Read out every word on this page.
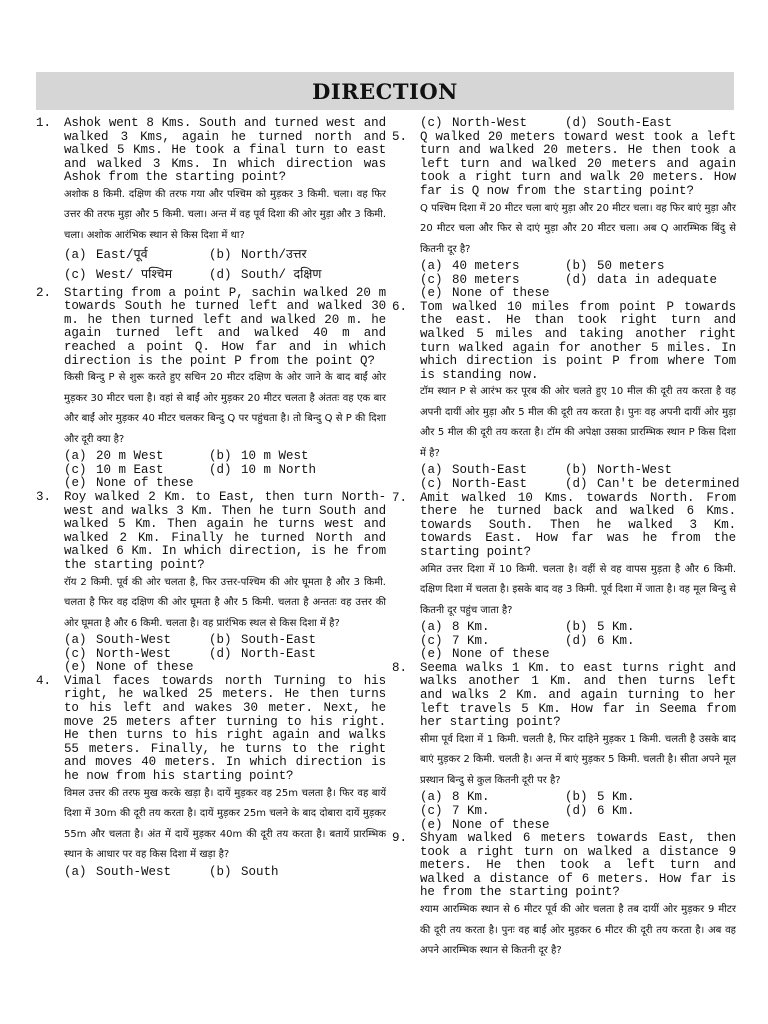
DIRECTION
1. Ashok went 8 Kms. South and turned west and walked 3 Kms, again he turned north and walked 5 Kms. He took a final turn to east and walked 3 Kms. In which direction was Ashok from the starting point?

अशोक 8 किमी. दक्षिण की तरफ गया और पश्चिम को मुड़कर 3 किमी. चला। वह फिर उत्तर की तरफ मुड़ा और 5 किमी. चला। अन्त में वह पूर्व दिशा की ओर मुड़ा और 3 किमी. चला। अशोक आरंभिक स्थान से किस दिशा में था?

(a) East/पूर्व	(b) North/उत्तर
(c) West/ पश्चिम	(d) South/ दक्षिण
2. Starting from a point P, sachin walked 20 m towards South he turned left and walked 30 m. he then turned left and walked 20 m. he again turned left and walked 40 m and reached a point Q. How far and in which direction is the point P from the point Q?

किसी बिन्दु P से शुरू करते हुए सचिन 20 मीटर दक्षिण के ओर जाने के बाद बाईं ओर मुड़कर 30 मीटर चला है। वहां से बाईं ओर मुड़कर 20 मीटर चलता है अंततः वह एक बार और बाईं ओर मुड़कर 40 मीटर चलकर बिन्दु Q पर पहुंचता है। तो बिन्दु Q से P की दिशा और दूरी क्या है?

(a) 20 m West	(b) 10 m West
(c) 10 m East	(d) 10 m North
(e) None of these
3. Roy walked 2 Km. to East, then turn North-west and walks 3 Km. Then he turn South and walked 5 Km. Then again he turns west and walked 2 Km. Finally he turned North and walked 6 Km. In which direction, is he from the starting point?

रॉय 2 किमी. पूर्व की ओर चलता है, फिर उत्तर-पश्चिम की ओर घूमता है और 3 किमी. चलता है फिर वह दक्षिण की ओर घूमता है और 5 किमी. चलता है अन्ततः वह उत्तर की ओर घूमता है और 6 किमी. चलता है। वह प्रारंभिक स्थल से किस दिशा में है?

(a) South-West	(b) South-East
(c) North-West	(d) North-East
(e) None of these
4. Vimal faces towards north Turning to his right, he walked 25 meters. He then turns to his left and wakes 30 meter. Next, he move 25 meters after turning to his right. He then turns to his right again and walks 55 meters. Finally, he turns to the right and moves 40 meters. In which direction is he now from his starting point?

विमल उत्तर की तरफ मुख करके खड़ा है। दायें मुड़कर वह 25m चलता है। फिर वह बायें दिशा में 30m की दूरी तय करता है। दायें मुड़कर 25m चलने के बाद दोबारा दायें मुड़कर 55m और चलता है। अंत में दायें मुड़कर 40m की दूरी तय करता है। बतायें प्रारम्भिक स्थान के आधार पर वह किस दिशा में खड़ा है?

(a) South-West	(b) South
(c) North-West	(d) South-East
5. Q walked 20 meters toward west took a left turn and walked 20 meters. He then took a left turn and walked 20 meters and again took a right turn and walk 20 meters. How far is Q now from the starting point?

Q पश्चिम दिशा में 20 मीटर चला बाएं मुड़ा और 20 मीटर चला। वह फिर बाएं मुड़ा और 20 मीटर चला और फिर से दाएं मुड़ा और 20 मीटर चला। अब Q आरम्भिक बिंदु से कितनी दूर है?

(a) 40 meters	(b) 50 meters
(c) 80 meters	(d) data in adequate
(e) None of these
6. Tom walked 10 miles from point P towards the east. He than took right turn and walked 5 miles and taking another right turn walked again for another 5 miles. In which direction is point P from where Tom is standing now.

टॉम स्थान P से आरंभ कर पूरब की ओर चलते हुए 10 मील की दूरी तय करता है वह अपनी दायीं ओर मुड़ा और 5 मील की दूरी तय करता है। पुनः वह अपनी दायीं ओर मुड़ा और 5 मील की दूरी तय करता है। टॉम की अपेक्षा उसका प्रारम्भिक स्थान P किस दिशा में है?

(a) South-East	(b) North-West
(c) North-East	(d) Can't be determined
7. Amit walked 10 Kms. towards North. From there he turned back and walked 6 Kms. towards South. Then he walked 3 Km. towards East. How far was he from the starting point?

अमित उत्तर दिशा में 10 किमी. चलता है। वहीं से वह वापस मुड़ता है और 6 किमी. दक्षिण दिशा में चलता है। इसके बाद वह 3 किमी. पूर्व दिशा में जाता है। वह मूल बिन्दु से कितनी दूर पहुंच जाता है?

(a) 8 Km.	(b) 5 Km.
(c) 7 Km.	(d) 6 Km.
(e) None of these
8. Seema walks 1 Km. to east turns right and walks another 1 Km. and then turns left and walks 2 Km. and again turning to her left travels 5 Km. How far in Seema from her starting point?

सीमा पूर्व दिशा में 1 किमी. चलती है, फिर दाहिने मुड़कर 1 किमी. चलती है उसके बाद बाएं मुड़कर 2 किमी. चलती है। अन्त में बाएं मुड़कर 5 किमी. चलती है। सीता अपने मूल प्रस्थान बिन्दु से कुल कितनी दूरी पर है?

(a) 8 Km.	(b) 5 Km.
(c) 7 Km.	(d) 6 Km.
(e) None of these
9. Shyam walked 6 meters towards East, then took a right turn on walked a distance 9 meters. He then took a left turn and walked a distance of 6 meters. How far is he from the starting point?

श्याम आरम्भिक स्थान से 6 मीटर पूर्व की ओर चलता है तब दायीं ओर मुड़कर 9 मीटर की दूरी तय करता है। पुनः वह बाईं ओर मुड़कर 6 मीटर की दूरी तय करता है। अब वह अपने आरम्भिक स्थान से कितनी दूर है?
